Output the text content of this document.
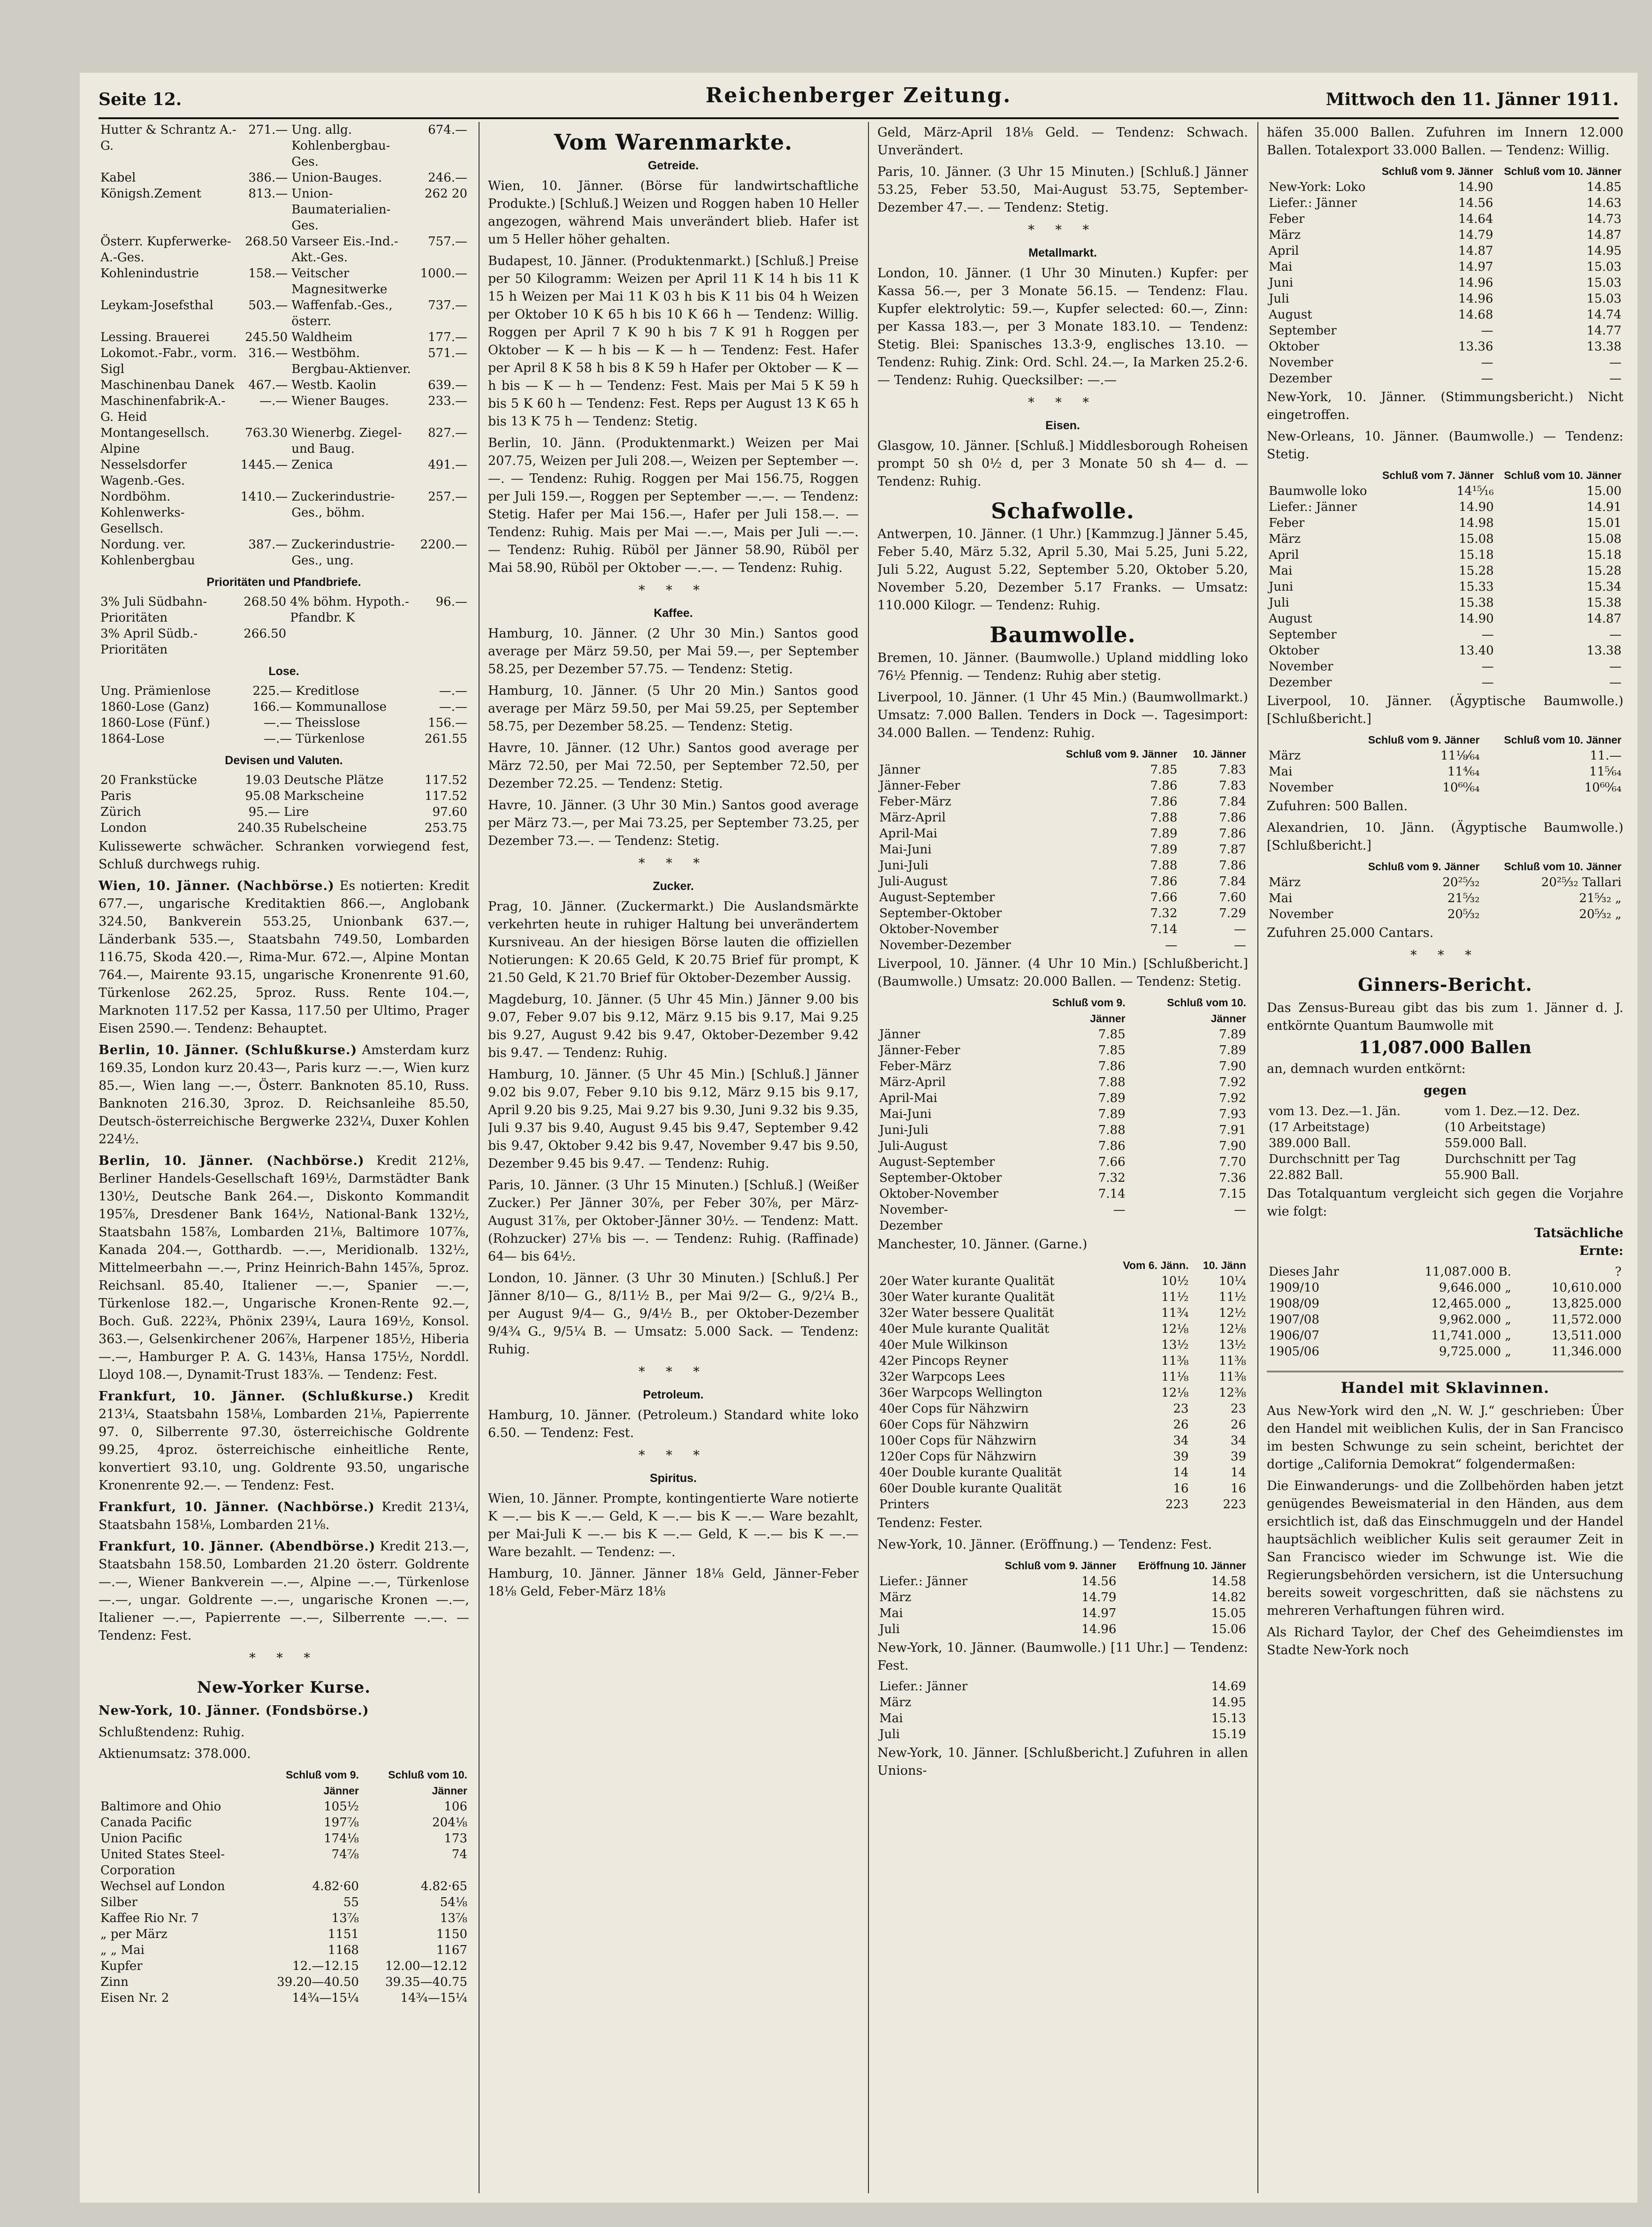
Seite 12.	Reichenberger Zeitung.	Mittwoch den 11. Jänner 1911.
Hutter & Schrantz A.-G.	271.—	Ung. allg. Kohlenbergbau-Ges.	674.—
Kabel	386.—	Union-Bauges.	246.—
Königsh.Zement	813.—	Union-Baumaterialien-Ges.	262 20
Österr. Kupferwerke-A.-Ges.	268.50	Varseer Eis.-Ind.-Akt.-Ges.	757.—
Kohlenindustrie	158.—	Veitscher Magnesitwerke	1000.—
Leykam-Josefsthal	503.—	Waffenfab.-Ges., österr.	737.—
Lessing. Brauerei	245.50	Waldheim	177.—
Lokomot.-Fabr., vorm. Sigl	316.—	Westböhm. Bergbau-Aktienver.	571.—
Maschinenbau Danek	467.—	Westb. Kaolin	639.—
Maschinenfabrik-A.-G. Heid	—.—	Wiener Bauges.	233.—
Montangesellsch. Alpine	763.30	Wienerbg. Ziegel- und Baug.	827.—
Nesselsdorfer Wagenb.-Ges.	1445.—	Zenica	491.—
Nordböhm. Kohlenwerks-Gesellsch.	1410.—	Zuckerindustrie-Ges., böhm.	257.—
Nordung. ver. Kohlenbergbau	387.—	Zuckerindustrie-Ges., ung.	2200.—
Prioritäten und Pfandbriefe.
3% Juli Südbahn-Prioritäten	268.50	4% böhm. Hypoth.-Pfandbr. K	96.—
3% April Südb.-Prioritäten	266.50		
Lose.
Ung. Prämienlose	225.—	Kreditlose	—.—
1860-Lose (Ganz)	166.—	Kommunallose	—.—
1860-Lose (Fünf.)	—.—	Theisslose	156.—
1864-Lose	—.—	Türkenlose	261.55
Devisen und Valuten.
20 Frankstücke	19.03	Deutsche Plätze	117.52
Paris	95.08	Markscheine	117.52
Zürich	95.—	Lire	97.60
London	240.35	Rubelscheine	253.75
Kulissewerte schwächer. Schranken vorwiegend fest, Schluß durchwegs ruhig.
Wien, 10. Jänner. (Nachbörse.) Es notierten: Kredit 677.—, ungarische Kreditaktien 866.—, Anglobank 324.50, Bankverein 553.25, Unionbank 637.—, Länderbank 535.—, Staatsbahn 749.50, Lombarden 116.75, Skoda 420.—, Rima-Mur. 672.—, Alpine Montan 764.—, Mairente 93.15, ungarische Kronenrente 91.60, Türkenlose 262.25, 5proz. Russ. Rente 104.—, Marknoten 117.52 per Kassa, 117.50 per Ultimo, Prager Eisen 2590.—. Tendenz: Behauptet.
Berlin, 10. Jänner. (Schlußkurse.) Amsterdam kurz 169.35, London kurz 20.43—, Paris kurz —.—, Wien kurz 85.—, Wien lang —.—, Österr. Banknoten 85.10, Russ. Banknoten 216.30, 3proz. D. Reichsanleihe 85.50, Deutsch-österreichische Bergwerke 232¼, Duxer Kohlen 224½.
Berlin, 10. Jänner. (Nachbörse.) Kredit 212⅛, Berliner Handels-Gesellschaft 169½, Darmstädter Bank 130½, Deutsche Bank 264.—, Diskonto Kommandit 195⅞, Dresdener Bank 164½, National-Bank 132½, Staatsbahn 158⅞, Lombarden 21⅛, Baltimore 107⅞, Kanada 204.—, Gotthardb. —.—, Meridionalb. 132½, Mittelmeerbahn —.—, Prinz Heinrich-Bahn 145⅞, 5proz. Reichsanl. 85.40, Italiener —.—, Spanier —.—, Türkenlose 182.—, Ungarische Kronen-Rente 92.—, Boch. Guß. 222¾, Phönix 239¼, Laura 169½, Konsol. 363.—, Gelsenkirchener 206⅞, Harpener 185½, Hiberia —.—, Hamburger P. A. G. 143⅛, Hansa 175½, Norddl. Lloyd 108.—, Dynamit-Trust 183⅞. — Tendenz: Fest.
Frankfurt, 10. Jänner. (Schlußkurse.) Kredit 213¼, Staatsbahn 158⅛, Lombarden 21⅛, Papierrente 97. 0, Silberrente 97.30, österreichische Goldrente 99.25, 4proz. österreichische einheitliche Rente, konvertiert 93.10, ung. Goldrente 93.50, ungarische Kronenrente 92.—. — Tendenz: Fest.
Frankfurt, 10. Jänner. (Nachbörse.) Kredit 213¼, Staatsbahn 158⅛, Lombarden 21⅛.
Frankfurt, 10. Jänner. (Abendbörse.) Kredit 213.—, Staatsbahn 158.50, Lombarden 21.20 österr. Goldrente —.—, Wiener Bankverein —.—, Alpine —.—, Türkenlose —.—, ungar. Goldrente —.—, ungarische Kronen —.—, Italiener —.—, Papierrente —.—, Silberrente —.—. — Tendenz: Fest.
* * *
New-Yorker Kurse.
New-York, 10. Jänner. (Fondsbörse.)
Schlußtendenz: Ruhig.
Aktienumsatz: 378.000.
	Schluß vom 9. Jänner	Schluß vom 10. Jänner
Baltimore and Ohio	105½	106
Canada Pacific	197⅞	204⅛
Union Pacific	174⅛	173
United States Steel-Corporation	74⅞	74
Wechsel auf London	4.82·60	4.82·65
Silber	55	54⅛
Kaffee Rio Nr. 7	13⅞	13⅞
„ per März	1151	1150
„ „ Mai	1168	1167
Kupfer	12.—12.15	12.00—12.12
Zinn	39.20—40.50	39.35—40.75
Eisen Nr. 2	14¾—15¼	14¾—15¼
Vom Warenmarkte.
Getreide.
Wien, 10. Jänner. (Börse für landwirtschaftliche Produkte.) [Schluß.] Weizen und Roggen haben 10 Heller angezogen, während Mais unverändert blieb. Hafer ist um 5 Heller höher gehalten.
Budapest, 10. Jänner. (Produktenmarkt.) [Schluß.] Preise per 50 Kilogramm: Weizen per April 11 K 14 h bis 11 K 15 h Weizen per Mai 11 K 03 h bis K 11 bis 04 h Weizen per Oktober 10 K 65 h bis 10 K 66 h — Tendenz: Willig. Roggen per April 7 K 90 h bis 7 K 91 h Roggen per Oktober — K — h bis — K — h — Tendenz: Fest. Hafer per April 8 K 58 h bis 8 K 59 h Hafer per Oktober — K — h bis — K — h — Tendenz: Fest. Mais per Mai 5 K 59 h bis 5 K 60 h — Tendenz: Fest. Reps per August 13 K 65 h bis 13 K 75 h — Tendenz: Stetig.
Berlin, 10. Jänn. (Produktenmarkt.) Weizen per Mai 207.75, Weizen per Juli 208.—, Weizen per September —.—. — Tendenz: Ruhig. Roggen per Mai 156.75, Roggen per Juli 159.—, Roggen per September —.—. — Tendenz: Stetig. Hafer per Mai 156.—, Hafer per Juli 158.—. — Tendenz: Ruhig. Mais per Mai —.—, Mais per Juli —.—. — Tendenz: Ruhig. Rüböl per Jänner 58.90, Rüböl per Mai 58.90, Rüböl per Oktober —.—. — Tendenz: Ruhig.
* * *
Kaffee.
Hamburg, 10. Jänner. (2 Uhr 30 Min.) Santos good average per März 59.50, per Mai 59.—, per September 58.25, per Dezember 57.75. — Tendenz: Stetig.
Hamburg, 10. Jänner. (5 Uhr 20 Min.) Santos good average per März 59.50, per Mai 59.25, per September 58.75, per Dezember 58.25. — Tendenz: Stetig.
Havre, 10. Jänner. (12 Uhr.) Santos good average per März 72.50, per Mai 72.50, per September 72.50, per Dezember 72.25. — Tendenz: Stetig.
Havre, 10. Jänner. (3 Uhr 30 Min.) Santos good average per März 73.—, per Mai 73.25, per September 73.25, per Dezember 73.—. — Tendenz: Stetig.
* * *
Zucker.
Prag, 10. Jänner. (Zuckermarkt.) Die Auslandsmärkte verkehrten heute in ruhiger Haltung bei unverändertem Kursniveau. An der hiesigen Börse lauten die offiziellen Notierungen: K 20.65 Geld, K 20.75 Brief für prompt, K 21.50 Geld, K 21.70 Brief für Oktober-Dezember Aussig.
Magdeburg, 10. Jänner. (5 Uhr 45 Min.) Jänner 9.00 bis 9.07, Feber 9.07 bis 9.12, März 9.15 bis 9.17, Mai 9.25 bis 9.27, August 9.42 bis 9.47, Oktober-Dezember 9.42 bis 9.47. — Tendenz: Ruhig.
Hamburg, 10. Jänner. (5 Uhr 45 Min.) [Schluß.] Jänner 9.02 bis 9.07, Feber 9.10 bis 9.12, März 9.15 bis 9.17, April 9.20 bis 9.25, Mai 9.27 bis 9.30, Juni 9.32 bis 9.35, Juli 9.37 bis 9.40, August 9.45 bis 9.47, September 9.42 bis 9.47, Oktober 9.42 bis 9.47, November 9.47 bis 9.50, Dezember 9.45 bis 9.47. — Tendenz: Ruhig.
Paris, 10. Jänner. (3 Uhr 15 Minuten.) [Schluß.] (Weißer Zucker.) Per Jänner 30⅞, per Feber 30⅞, per März-August 31⅞, per Oktober-Jänner 30½. — Tendenz: Matt. (Rohzucker) 27⅛ bis —. — Tendenz: Ruhig. (Raffinade) 64— bis 64½.
London, 10. Jänner. (3 Uhr 30 Minuten.) [Schluß.] Per Jänner 8/10— G., 8/11½ B., per Mai 9/2— G., 9/2¼ B., per August 9/4— G., 9/4½ B., per Oktober-Dezember 9/4¾ G., 9/5¼ B. — Umsatz: 5.000 Sack. — Tendenz: Ruhig.
* * *
Petroleum.
Hamburg, 10. Jänner. (Petroleum.) Standard white loko 6.50. — Tendenz: Fest.
* * *
Spiritus.
Wien, 10. Jänner. Prompte, kontingentierte Ware notierte K —.— bis K —.— Geld, K —.— bis K —.— Ware bezahlt, per Mai-Juli K —.— bis K —.— Geld, K —.— bis K —.— Ware bezahlt. — Tendenz: —.
Hamburg, 10. Jänner. Jänner 18⅛ Geld, Jänner-Feber 18⅛ Geld, Feber-März 18⅛
Geld, März-April 18⅛ Geld. — Tendenz: Schwach. Unverändert.
Paris, 10. Jänner. (3 Uhr 15 Minuten.) [Schluß.] Jänner 53.25, Feber 53.50, Mai-August 53.75, September-Dezember 47.—. — Tendenz: Stetig.
* * *
Metallmarkt.
London, 10. Jänner. (1 Uhr 30 Minuten.) Kupfer: per Kassa 56.—, per 3 Monate 56.15. — Tendenz: Flau. Kupfer elektrolytic: 59.—, Kupfer selected: 60.—, Zinn: per Kassa 183.—, per 3 Monate 183.10. — Tendenz: Stetig. Blei: Spanisches 13.3·9, englisches 13.10. — Tendenz: Ruhig. Zink: Ord. Schl. 24.—, Ia Marken 25.2·6. — Tendenz: Ruhig. Quecksilber: —.—
* * *
Eisen.
Glasgow, 10. Jänner. [Schluß.] Middlesborough Roheisen prompt 50 sh 0½ d, per 3 Monate 50 sh 4— d. — Tendenz: Ruhig.
Schafwolle.
Antwerpen, 10. Jänner. (1 Uhr.) [Kammzug.] Jänner 5.45, Feber 5.40, März 5.32, April 5.30, Mai 5.25, Juni 5.22, Juli 5.22, August 5.22, September 5.20, Oktober 5.20, November 5.20, Dezember 5.17 Franks. — Umsatz: 110.000 Kilogr. — Tendenz: Ruhig.
Baumwolle.
Bremen, 10. Jänner. (Baumwolle.) Upland middling loko 76½ Pfennig. — Tendenz: Ruhig aber stetig.
Liverpool, 10. Jänner. (1 Uhr 45 Min.) (Baumwollmarkt.) Umsatz: 7.000 Ballen. Tenders in Dock —. Tagesimport: 34.000 Ballen. — Tendenz: Ruhig.
	Schluß vom 9. Jänner	10. Jänner
Jänner	7.85	7.83
Jänner-Feber	7.86	7.83
Feber-März	7.86	7.84
März-April	7.88	7.86
April-Mai	7.89	7.86
Mai-Juni	7.89	7.87
Juni-Juli	7.88	7.86
Juli-August	7.86	7.84
August-September	7.66	7.60
September-Oktober	7.32	7.29
Oktober-November	7.14	—
November-Dezember	—	—
Liverpool, 10. Jänner. (4 Uhr 10 Min.) [Schlußbericht.] (Baumwolle.) Umsatz: 20.000 Ballen. — Tendenz: Stetig.
	Schluß vom 9. Jänner	Schluß vom 10. Jänner
Jänner	7.85	7.89
Jänner-Feber	7.85	7.89
Feber-März	7.86	7.90
März-April	7.88	7.92
April-Mai	7.89	7.92
Mai-Juni	7.89	7.93
Juni-Juli	7.88	7.91
Juli-August	7.86	7.90
August-September	7.66	7.70
September-Oktober	7.32	7.36
Oktober-November	7.14	7.15
November-Dezember	—	—
Manchester, 10. Jänner. (Garne.)
	Vom 6. Jänn.	10. Jänn
20er Water kurante Qualität	10½	10¼
30er Water kurante Qualität	11½	11½
32er Water bessere Qualität	11¾	12½
40er Mule kurante Qualität	12⅛	12⅛
40er Mule Wilkinson	13½	13½
42er Pincops Reyner	11⅜	11⅜
32er Warpcops Lees	11⅛	11⅜
36er Warpcops Wellington	12⅛	12⅜
40er Cops für Nähzwirn	23	23
60er Cops für Nähzwirn	26	26
100er Cops für Nähzwirn	34	34
120er Cops für Nähzwirn	39	39
40er Double kurante Qualität	14	14
60er Double kurante Qualität	16	16
Printers	223	223
Tendenz: Fester.
New-York, 10. Jänner. (Eröffnung.) — Tendenz: Fest.
	Schluß vom 9. Jänner	Eröffnung 10. Jänner
Liefer.: Jänner	14.56	14.58
März	14.79	14.82
Mai	14.97	15.05
Juli	14.96	15.06
New-York, 10. Jänner. (Baumwolle.) [11 Uhr.] — Tendenz: Fest.
Liefer.: Jänner	14.69
März	14.95
Mai	15.13
Juli	15.19
New-York, 10. Jänner. [Schlußbericht.] Zufuhren in allen Unions-
häfen 35.000 Ballen. Zufuhren im Innern 12.000 Ballen. Totalexport 33.000 Ballen. — Tendenz: Willig.
	Schluß vom 9. Jänner	Schluß vom 10. Jänner
New-York: Loko	14.90	14.85
Liefer.: Jänner	14.56	14.63
Feber	14.64	14.73
März	14.79	14.87
April	14.87	14.95
Mai	14.97	15.03
Juni	14.96	15.03
Juli	14.96	15.03
August	14.68	14.74
September	—	14.77
Oktober	13.36	13.38
November	—	—
Dezember	—	—
New-York, 10. Jänner. (Stimmungsbericht.) Nicht eingetroffen.
New-Orleans, 10. Jänner. (Baumwolle.) — Tendenz: Stetig.
	Schluß vom 7. Jänner	Schluß vom 10. Jänner
Baumwolle loko	14¹⁵⁄₁₆	15.00
Liefer.: Jänner	14.90	14.91
Feber	14.98	15.01
März	15.08	15.08
April	15.18	15.18
Mai	15.28	15.28
Juni	15.33	15.34
Juli	15.38	15.38
August	14.90	14.87
September	—	—
Oktober	13.40	13.38
November	—	—
Dezember	—	—
Liverpool, 10. Jänner. (Ägyptische Baumwolle.) [Schlußbericht.]
	Schluß vom 9. Jänner	Schluß vom 10. Jänner
März	11⅛⁄₆₄	11.—
Mai	11⁴⁄₆₄	11⁵⁄₆₄
November	10⁶⁰⁄₆₄	10⁶⁰⁄₆₄
Zufuhren: 500 Ballen.
Alexandrien, 10. Jänn. (Ägyptische Baumwolle.) [Schlußbericht.]
	Schluß vom 9. Jänner	Schluß vom 10. Jänner
März	20²⁵⁄₃₂	20²⁵⁄₃₂ Tallari
Mai	21⁵⁄₃₂	21⁵⁄₃₂ „
November	20⁵⁄₃₂	20⁵⁄₃₂ „
Zufuhren 25.000 Cantars.
* * *
Ginners-Bericht.
Das Zensus-Bureau gibt das bis zum 1. Jänner d. J. entkörnte Quantum Baumwolle mit
11,087.000 Ballen
an, demnach wurden entkörnt:
gegen
vom 13. Dez.—1. Jän.	vom 1. Dez.—12. Dez.
(17 Arbeitstage)	(10 Arbeitstage)
389.000 Ball.	559.000 Ball.
Durchschnitt per Tag	Durchschnitt per Tag
22.882 Ball.	55.900 Ball.
Das Totalquantum vergleicht sich gegen die Vorjahre wie folgt:
Tatsächliche
Ernte:
Dieses Jahr	11,087.000 B.	?
1909/10	9,646.000 „	10,610.000
1908/09	12,465.000 „	13,825.000
1907/08	9,962.000 „	11,572.000
1906/07	11,741.000 „	13,511.000
1905/06	9,725.000 „	11,346.000
Handel mit Sklavinnen.
Aus New-York wird den „N. W. J.“ geschrieben: Über den Handel mit weiblichen Kulis, der in San Francisco im besten Schwunge zu sein scheint, berichtet der dortige „California Demokrat“ folgendermaßen:
Die Einwanderungs- und die Zollbehörden haben jetzt genügendes Beweismaterial in den Händen, aus dem ersichtlich ist, daß das Einschmuggeln und der Handel hauptsächlich weiblicher Kulis seit geraumer Zeit in San Francisco wieder im Schwunge ist. Wie die Regierungsbehörden versichern, ist die Untersuchung bereits soweit vorgeschritten, daß sie nächstens zu mehreren Verhaftungen führen wird.
Als Richard Taylor, der Chef des Geheimdienstes im Stadte New-York noch
